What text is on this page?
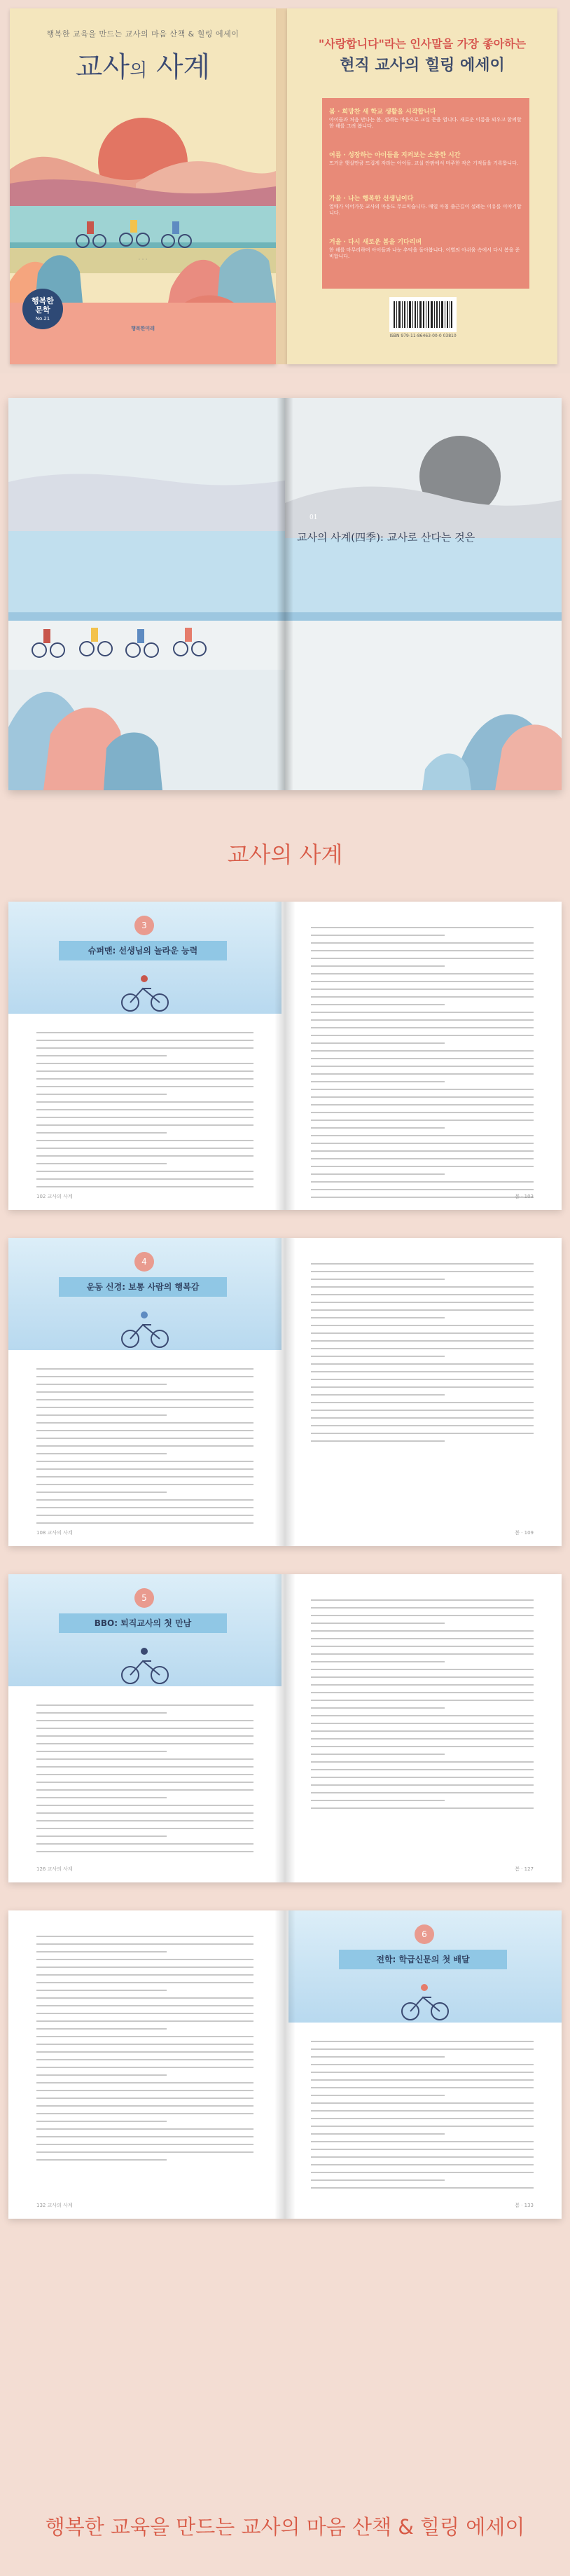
행복한 교육을 만드는 교사의 마음 산책 & 힐링 에세이
교사의 사계
· · ·
행복한
문학
No.21
행복한미래
"사랑합니다"라는 인사말을 가장 좋아하는
현직 교사의 힐링 에세이
봄 · 희망찬 새 학교 생활을 시작합니다
아이들과 처음 만나는 봄, 설레는 마음으로 교실 문을 엽니다. 새로운 이름을 외우고 함께할 한 해를 그려 봅니다.
여름 · 성장하는 아이들을 지켜보는 소중한 시간
뜨거운 햇살만큼 뜨겁게 자라는 아이들. 교실 안팎에서 마주한 작은 기적들을 기록합니다.
가을 · 나는 행복한 선생님이다
열매가 익어가듯 교사의 마음도 무르익습니다. 매일 아침 출근길이 설레는 이유를 이야기합니다.
겨울 · 다시 새로운 봄을 기다리며
한 해를 마무리하며 아이들과 나눈 추억을 돌아봅니다. 이별의 아쉬움 속에서 다시 봄을 준비합니다.
ISBN 979-11-86463-00-0 03810
01
교사의 사계(四季): 교사로 산다는 것은
교사의 사계
3
슈퍼맨: 선생님의 놀라운 능력
102 교사의 사계	봄 · 103
4
운동 신경: 보통 사람의 행복감
108 교사의 사계	봄 · 109
5
BBO: 퇴직교사의 첫 만남
126 교사의 사계	봄 · 127
6
전학: 학급신문의 첫 배달
132 교사의 사계	봄 · 133
행복한 교육을 만드는 교사의 마음 산책 & 힐링 에세이
